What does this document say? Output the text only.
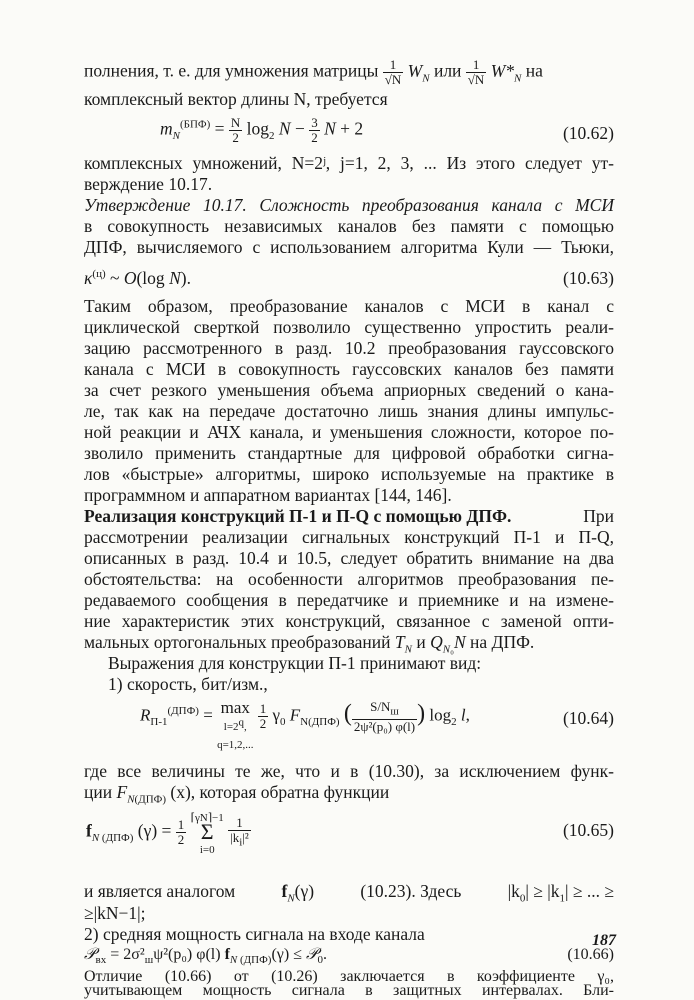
полнения, т. е. для умножения матрицы $\frac{1}{√N} W_N$ или $\frac{1}{√N} W*_N$ на
комплексный вектор длины N, требуется
$m_N^{(БПФ)} = \frac{N}{2} \log_2 N - \frac{3}{2}$ N + 2	(10.62)
комплексных умножений, N=2ʲ, j=1, 2, 3, ... Из этого следует ут-
верждение 10.17.
Утверждение 10.17. Сложность преобразования канала с МСИ
в совокупность независимых каналов без памяти с помощью
ДПФ, вычисляемого с использованием алгоритма Кули — Тьюки,
$\kappa^{(ц)}$ ~ O(log N).	(10.63)
Таким образом, преобразование каналов с МСИ в канал с
циклической сверткой позволило существенно упростить реали-
зацию рассмотренного в разд. 10.2 преобразования гауссовского
канала с МСИ в совокупность гауссовских каналов без памяти
за счет резкого уменьшения объема априорных сведений о кана-
ле, так как на передаче достаточно лишь знания длины импульс-
ной реакции и АЧХ канала, и уменьшения сложности, которое по-
зволило применить стандартные для цифровой обработки сигна-
лов «быстрые» алгоритмы, широко используемые на практике в
программном и аппаратном вариантах [144, 146].
Реализация конструкций П-1 и П-Q с помощью ДПФ.	При
рассмотрении реализации сигнальных конструкций П-1 и П-Q,
описанных в разд. 10.4 и 10.5, следует обратить внимание на два
обстоятельства: на особенности алгоритмов преобразования пе-
редаваемого сообщения в передатчике и приемнике и на измене-
ние характеристик этих конструкций, связанное с заменой опти-
мальных ортогональных преобразований $T_N$ и $Q_{N_0}N$ на ДПФ.
Выражения для конструкции П-1 принимают вид:
1) скорость, бит/изм.,
$R_{П-1}^{(ДПФ)} = \max$
$l=2^q$,
q=1,2,...
$\frac{1}{2} \gamma_0$ $F_{N(ДПФ)}$ ( $\frac{S/N_ш}{\text{2ψ²(p₀) φ(l)}}$ ) $\log_2 l$,	(10.64)
где все величины те же, что и в (10.30), за исключением функ-
ции $F_{N(ДПФ)}$ (x), которая обратна функции
$f_{N (ДПФ)}$ $(\gamma) = \frac{1}{2}$ ⌈γN⌉−1
Σ
i=0
$\frac{1}{|k_i|^2}$	(10.65)
и является аналогом	$f_N(\gamma)$	(10.23). Здесь	$|k_0| \ge |k_1|$ ≥ ... ≥
≥|kN−1|;
2) средняя мощность сигнала на входе канала
𝒫$_{вх}$ = $2\sigma^2_ш\psi^2(p_0)$ φ(l) $f_{N (ДПФ)}(\gamma)$ ≤ 𝒫$_0$.	(10.66)
Отличие (10.66) от (10.26) заключается в коэффициенте γ₀,
учитывающем мощность сигнала в защитных интервалах. Бли-
187
